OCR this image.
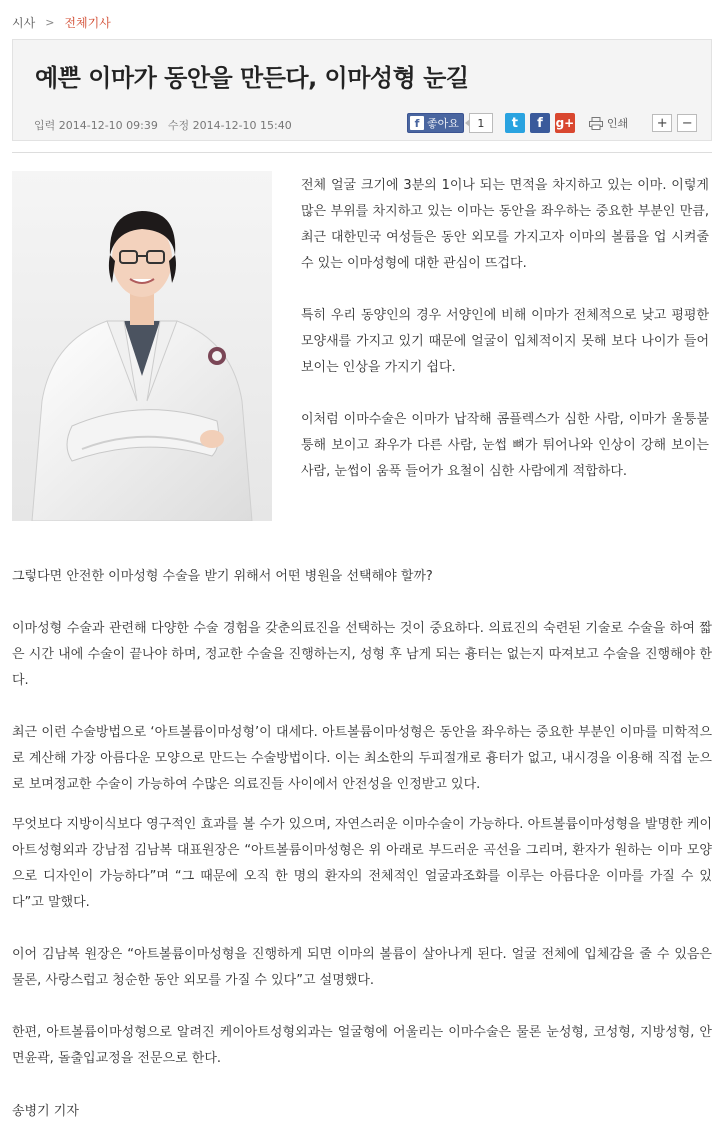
시사 > 전체기사
예쁜 이마가 동안을 만든다, 이마성형 눈길
입력 2014-12-10 09:39 수정 2014-12-10 15:40	f 좋아요	1	t f g+	인쇄	+	−

전체 얼굴 크기에 3분의 1이나 되는 면적을 차지하고 있는 이마. 이렇게 많은 부위를 차지하고 있는 이마는 동안을 좌우하는 중요한 부분인 만큼, 최근 대한민국 여성들은 동안 외모를 가지고자 이마의 볼륨을 업 시켜줄 수 있는 이마성형에 대한 관심이 뜨겁다.

특히 우리 동양인의 경우 서양인에 비해 이마가 전체적으로 낮고 평평한 모양새를 가지고 있기 때문에 얼굴이 입체적이지 못해 보다 나이가 들어 보이는 인상을 가지기 쉽다.

이처럼 이마수술은 이마가 납작해 콤플렉스가 심한 사람, 이마가 울퉁불퉁해 보이고 좌우가 다른 사람, 눈썹 뼈가 튀어나와 인상이 강해 보이는 사람, 눈썹이 움푹 들어가 요철이 심한 사람에게 적합하다.

그렇다면 안전한 이마성형 수술을 받기 위해서 어떤 병원을 선택해야 할까?

이마성형 수술과 관련해 다양한 수술 경험을 갖춘의료진을 선택하는 것이 중요하다. 의료진의 숙련된 기술로 수술을 하여 짧은 시간 내에 수술이 끝나야 하며, 정교한 수술을 진행하는지, 성형 후 남게 되는 흉터는 없는지 따져보고 수술을 진행해야 한다.

최근 이런 수술방법으로 ‘아트볼륨이마성형’이 대세다. 아트볼륨이마성형은 동안을 좌우하는 중요한 부분인 이마를 미학적으로 계산해 가장 아름다운 모양으로 만드는 수술방법이다. 이는 최소한의 두피절개로 흉터가 없고, 내시경을 이용해 직접 눈으로 보며정교한 수술이 가능하여 수많은 의료진들 사이에서 안전성을 인정받고 있다.

무엇보다 지방이식보다 영구적인 효과를 볼 수가 있으며, 자연스러운 이마수술이 가능하다. 아트볼륨이마성형을 발명한 케이아트성형외과 강남점 김남복 대표원장은 “아트볼륨이마성형은 위 아래로 부드러운 곡선을 그리며, 환자가 원하는 이마 모양으로 디자인이 가능하다”며 “그 때문에 오직 한 명의 환자의 전체적인 얼굴과조화를 이루는 아름다운 이마를 가질 수 있다”고 말했다.

이어 김남복 원장은 “아트볼륨이마성형을 진행하게 되면 이마의 볼륨이 살아나게 된다. 얼굴 전체에 입체감을 줄 수 있음은 물론, 사랑스럽고 청순한 동안 외모를 가질 수 있다”고 설명했다.

한편, 아트볼륨이마성형으로 알려진 케이아트성형외과는 얼굴형에 어울리는 이마수술은 물론 눈성형, 코성형, 지방성형, 안면윤곽, 돌출입교정을 전문으로 한다.

송병기 기자
